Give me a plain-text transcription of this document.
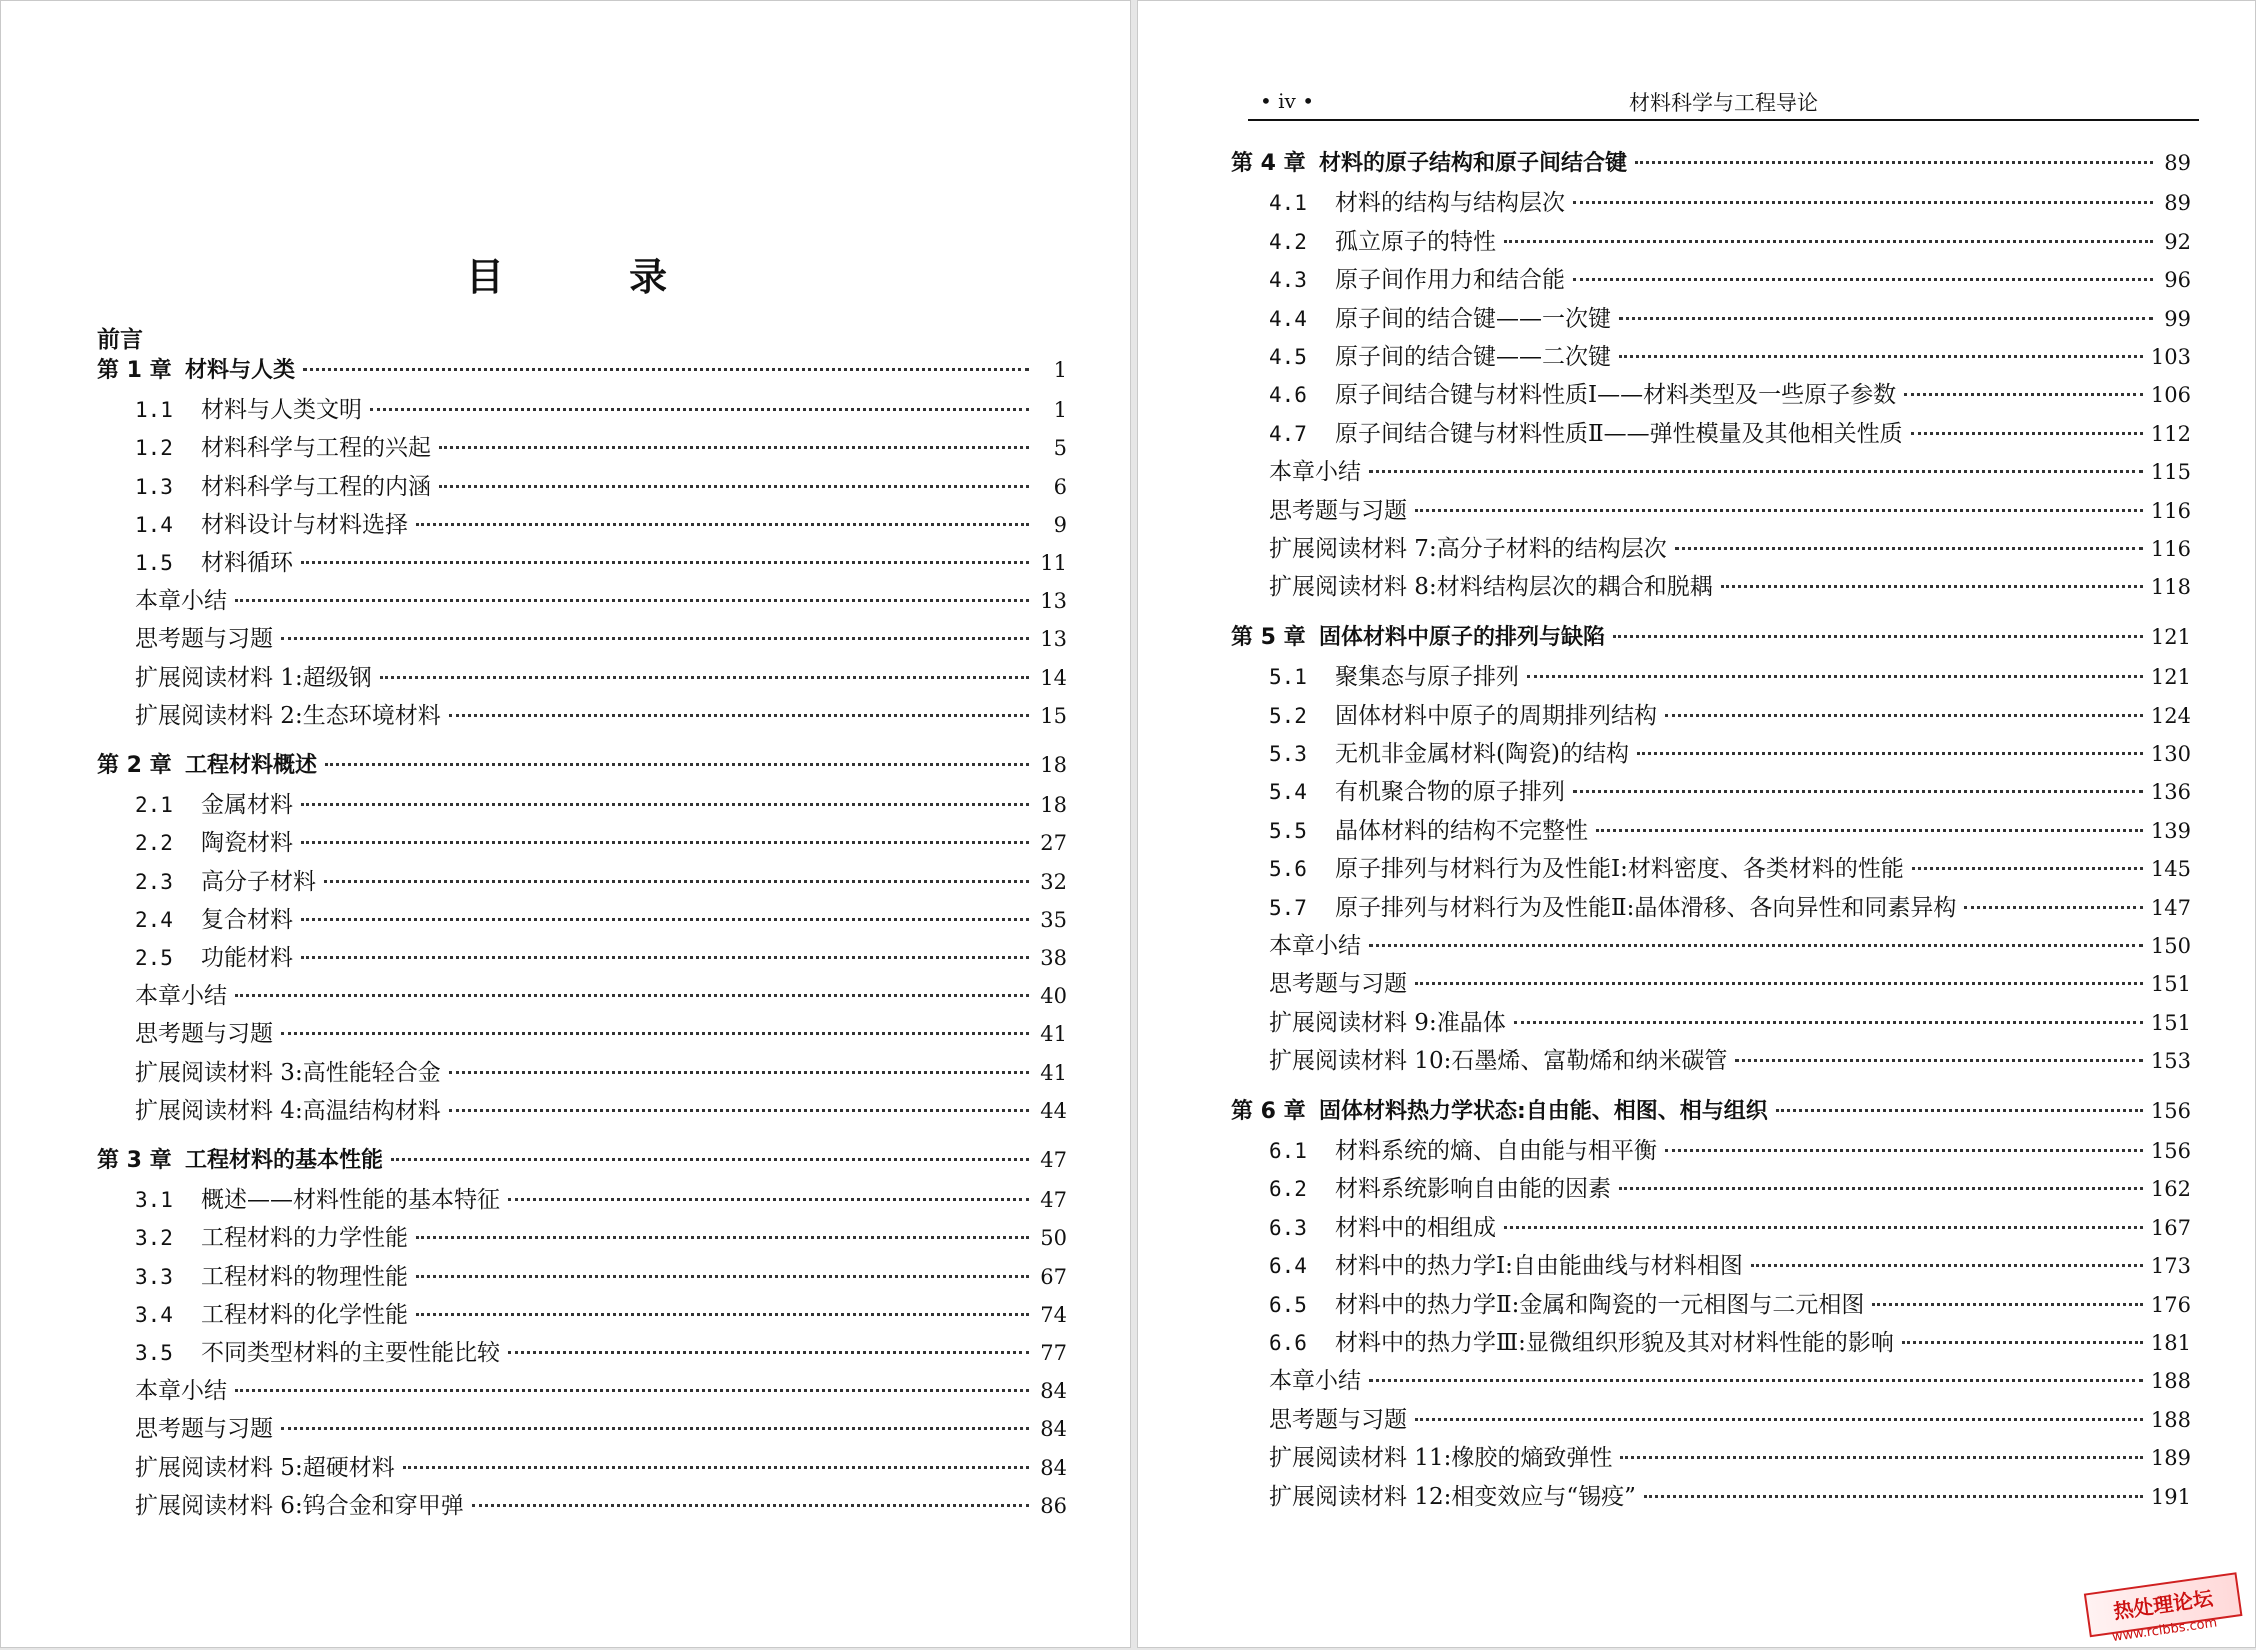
目 录
前言
第 1 章 材料与人类	1
1.1	材料与人类文明	1
1.2	材料科学与工程的兴起	5
1.3	材料科学与工程的内涵	6
1.4	材料设计与材料选择	9
1.5	材料循环	11
本章小结	13
思考题与习题	13
扩展阅读材料 1:超级钢	14
扩展阅读材料 2:生态环境材料	15
第 2 章 工程材料概述	18
2.1	金属材料	18
2.2	陶瓷材料	27
2.3	高分子材料	32
2.4	复合材料	35
2.5	功能材料	38
本章小结	40
思考题与习题	41
扩展阅读材料 3:高性能轻合金	41
扩展阅读材料 4:高温结构材料	44
第 3 章 工程材料的基本性能	47
3.1	概述——材料性能的基本特征	47
3.2	工程材料的力学性能	50
3.3	工程材料的物理性能	67
3.4	工程材料的化学性能	74
3.5	不同类型材料的主要性能比较	77
本章小结	84
思考题与习题	84
扩展阅读材料 5:超硬材料	84
扩展阅读材料 6:钨合金和穿甲弹	86
• iv •	材料科学与工程导论
第 4 章 材料的原子结构和原子间结合键	89
4.1	材料的结构与结构层次	89
4.2	孤立原子的特性	92
4.3	原子间作用力和结合能	96
4.4	原子间的结合键——一次键	99
4.5	原子间的结合键——二次键	103
4.6	原子间结合键与材料性质Ⅰ——材料类型及一些原子参数	106
4.7	原子间结合键与材料性质Ⅱ——弹性模量及其他相关性质	112
本章小结	115
思考题与习题	116
扩展阅读材料 7:高分子材料的结构层次	116
扩展阅读材料 8:材料结构层次的耦合和脱耦	118
第 5 章 固体材料中原子的排列与缺陷	121
5.1	聚集态与原子排列	121
5.2	固体材料中原子的周期排列结构	124
5.3	无机非金属材料(陶瓷)的结构	130
5.4	有机聚合物的原子排列	136
5.5	晶体材料的结构不完整性	139
5.6	原子排列与材料行为及性能Ⅰ:材料密度、各类材料的性能	145
5.7	原子排列与材料行为及性能Ⅱ:晶体滑移、各向异性和同素异构	147
本章小结	150
思考题与习题	151
扩展阅读材料 9:准晶体	151
扩展阅读材料 10:石墨烯、富勒烯和纳米碳管	153
第 6 章 固体材料热力学状态:自由能、相图、相与组织	156
6.1	材料系统的熵、自由能与相平衡	156
6.2	材料系统影响自由能的因素	162
6.3	材料中的相组成	167
6.4	材料中的热力学Ⅰ:自由能曲线与材料相图	173
6.5	材料中的热力学Ⅱ:金属和陶瓷的一元相图与二元相图	176
6.6	材料中的热力学Ⅲ:显微组织形貌及其对材料性能的影响	181
本章小结	188
思考题与习题	188
扩展阅读材料 11:橡胶的熵致弹性	189
扩展阅读材料 12:相变效应与“锡疫”	191
热处理论坛
www.rclbbs.com
